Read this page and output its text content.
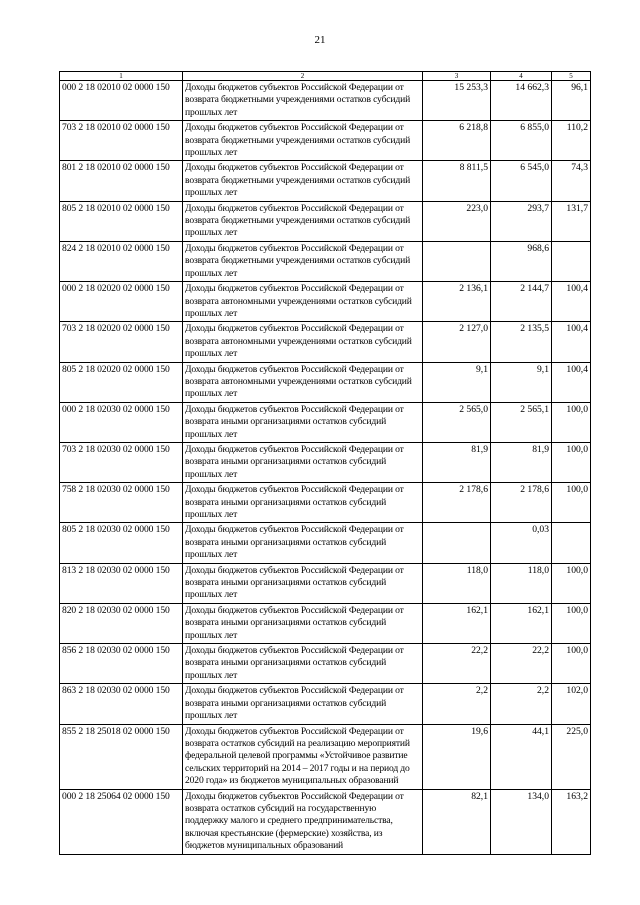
21
1	2	3	4	5
000 2 18 02010 02 0000 150	Доходы бюджетов субъектов Российской Федерации от возврата бюджетными учреждениями остатков субсидий прошлых лет	15 253,3	14 662,3	96,1
703 2 18 02010 02 0000 150	Доходы бюджетов субъектов Российской Федерации от возврата бюджетными учреждениями остатков субсидий прошлых лет	6 218,8	6 855,0	110,2
801 2 18 02010 02 0000 150	Доходы бюджетов субъектов Российской Федерации от возврата бюджетными учреждениями остатков субсидий прошлых лет	8 811,5	6 545,0	74,3
805 2 18 02010 02 0000 150	Доходы бюджетов субъектов Российской Федерации от возврата бюджетными учреждениями остатков субсидий прошлых лет	223,0	293,7	131,7
824 2 18 02010 02 0000 150	Доходы бюджетов субъектов Российской Федерации от возврата бюджетными учреждениями остатков субсидий прошлых лет		968,6	
000 2 18 02020 02 0000 150	Доходы бюджетов субъектов Российской Федерации от возврата автономными учреждениями остатков субсидий прошлых лет	2 136,1	2 144,7	100,4
703 2 18 02020 02 0000 150	Доходы бюджетов субъектов Российской Федерации от возврата автономными учреждениями остатков субсидий прошлых лет	2 127,0	2 135,5	100,4
805 2 18 02020 02 0000 150	Доходы бюджетов субъектов Российской Федерации от возврата автономными учреждениями остатков субсидий прошлых лет	9,1	9,1	100,4
000 2 18 02030 02 0000 150	Доходы бюджетов субъектов Российской Федерации от возврата иными организациями остатков субсидий прошлых лет	2 565,0	2 565,1	100,0
703 2 18 02030 02 0000 150	Доходы бюджетов субъектов Российской Федерации от возврата иными организациями остатков субсидий прошлых лет	81,9	81,9	100,0
758 2 18 02030 02 0000 150	Доходы бюджетов субъектов Российской Федерации от возврата иными организациями остатков субсидий прошлых лет	2 178,6	2 178,6	100,0
805 2 18 02030 02 0000 150	Доходы бюджетов субъектов Российской Федерации от возврата иными организациями остатков субсидий прошлых лет		0,03	
813 2 18 02030 02 0000 150	Доходы бюджетов субъектов Российской Федерации от возврата иными организациями остатков субсидий прошлых лет	118,0	118,0	100,0
820 2 18 02030 02 0000 150	Доходы бюджетов субъектов Российской Федерации от возврата иными организациями остатков субсидий прошлых лет	162,1	162,1	100,0
856 2 18 02030 02 0000 150	Доходы бюджетов субъектов Российской Федерации от возврата иными организациями остатков субсидий прошлых лет	22,2	22,2	100,0
863 2 18 02030 02 0000 150	Доходы бюджетов субъектов Российской Федерации от возврата иными организациями остатков субсидий прошлых лет	2,2	2,2	102,0
855 2 18 25018 02 0000 150	Доходы бюджетов субъектов Российской Федерации от возврата остатков субсидий на реализацию мероприятий федеральной целевой программы «Устойчивое развитие сельских территорий на 2014 – 2017 годы и на период до 2020 года» из бюджетов муниципальных образований	19,6	44,1	225,0
000 2 18 25064 02 0000 150	Доходы бюджетов субъектов Российской Федерации от возврата остатков субсидий на государственную поддержку малого и среднего предпринимательства, включая крестьянские (фермерские) хозяйства, из бюджетов муниципальных образований	82,1	134,0	163,2
